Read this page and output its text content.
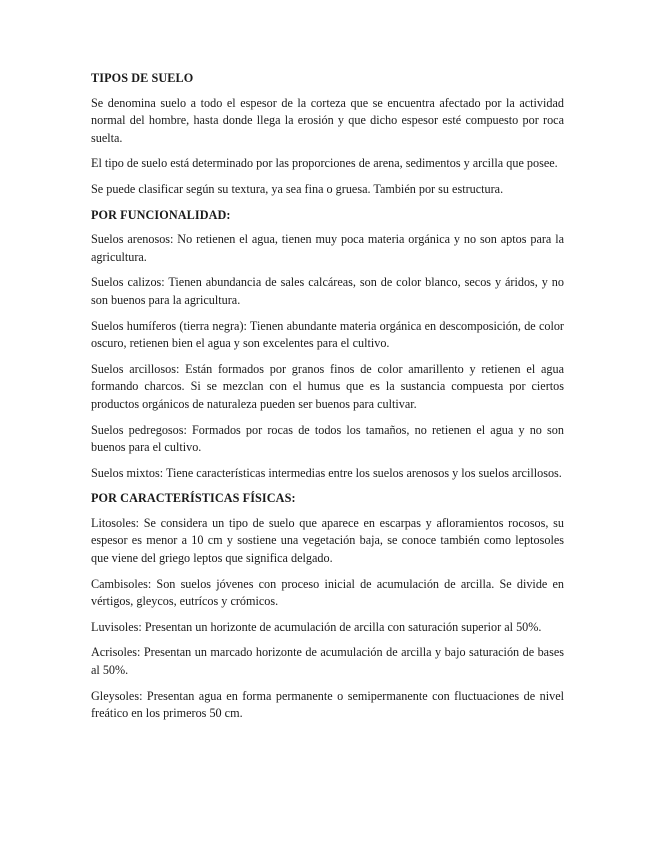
TIPOS DE SUELO

Se denomina suelo a todo el espesor de la corteza que se encuentra afectado por la actividad normal del hombre, hasta donde llega la erosión y que dicho espesor esté compuesto por roca suelta.

El tipo de suelo está determinado por las proporciones de arena, sedimentos y arcilla que posee.

Se puede clasificar según su textura, ya sea fina o gruesa. También por su estructura.

POR FUNCIONALIDAD:

Suelos arenosos: No retienen el agua, tienen muy poca materia orgánica y no son aptos para la agricultura.

Suelos calizos: Tienen abundancia de sales calcáreas, son de color blanco, secos y áridos, y no son buenos para la agricultura.

Suelos humíferos (tierra negra): Tienen abundante materia orgánica en descomposición, de color oscuro, retienen bien el agua y son excelentes para el cultivo.

Suelos arcillosos: Están formados por granos finos de color amarillento y retienen el agua formando charcos. Si se mezclan con el humus que es la sustancia compuesta por ciertos productos orgánicos de naturaleza pueden ser buenos para cultivar.

Suelos pedregosos: Formados por rocas de todos los tamaños, no retienen el agua y no son buenos para el cultivo.

Suelos mixtos: Tiene características intermedias entre los suelos arenosos y los suelos arcillosos.

POR CARACTERÍSTICAS FÍSICAS:

Litosoles: Se considera un tipo de suelo que aparece en escarpas y afloramientos rocosos, su espesor es menor a 10 cm y sostiene una vegetación baja, se conoce también como leptosoles que viene del griego leptos que significa delgado.

Cambisoles: Son suelos jóvenes con proceso inicial de acumulación de arcilla. Se divide en vértigos, gleycos, eutrícos y crómicos.

Luvisoles: Presentan un horizonte de acumulación de arcilla con saturación superior al 50%.

Acrisoles: Presentan un marcado horizonte de acumulación de arcilla y bajo saturación de bases al 50%.

Gleysoles: Presentan agua en forma permanente o semipermanente con fluctuaciones de nivel freático en los primeros 50 cm.
